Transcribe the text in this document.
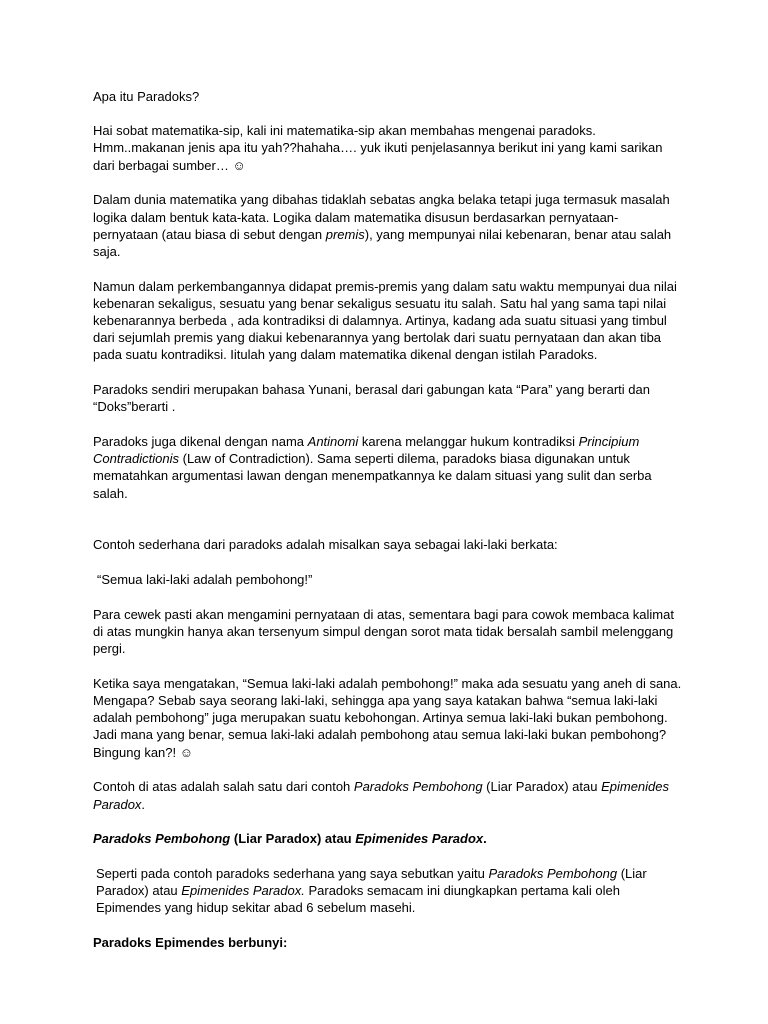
Apa itu Paradoks?

Hai sobat matematika-sip, kali ini matematika-sip akan membahas mengenai paradoks. Hmm..makanan jenis apa itu yah??hahaha…. yuk ikuti penjelasannya berikut ini yang kami sarikan dari berbagai sumber… ☺

Dalam dunia matematika yang dibahas tidaklah sebatas angka belaka tetapi juga termasuk masalah logika dalam bentuk kata-kata. Logika dalam matematika disusun berdasarkan pernyataan-pernyataan (atau biasa di sebut dengan premis), yang mempunyai nilai kebenaran, benar atau salah saja.

Namun dalam perkembangannya didapat premis-premis yang dalam satu waktu mempunyai dua nilai kebenaran sekaligus, sesuatu yang benar sekaligus sesuatu itu salah. Satu hal yang sama tapi nilai kebenarannya berbeda , ada kontradiksi di dalamnya. Artinya, kadang ada suatu situasi yang timbul dari sejumlah premis yang diakui kebenarannya yang bertolak dari suatu pernyataan dan akan tiba pada suatu kontradiksi. Iitulah yang dalam matematika dikenal dengan istilah Paradoks.

Paradoks sendiri merupakan bahasa Yunani, berasal dari gabungan kata “Para” yang berarti dan “Doks”berarti .

Paradoks juga dikenal dengan nama Antinomi karena melanggar hukum kontradiksi Principium Contradictionis (Law of Contradiction). Sama seperti dilema, paradoks biasa digunakan untuk mematahkan argumentasi lawan dengan menempatkannya ke dalam situasi yang sulit dan serba salah.

Contoh sederhana dari paradoks adalah misalkan saya sebagai laki-laki berkata:

“Semua laki-laki adalah pembohong!”

Para cewek pasti akan mengamini pernyataan di atas, sementara bagi para cowok membaca kalimat di atas mungkin hanya akan tersenyum simpul dengan sorot mata tidak bersalah sambil melenggang pergi.

Ketika saya mengatakan, “Semua laki-laki adalah pembohong!” maka ada sesuatu yang aneh di sana. Mengapa? Sebab saya seorang laki-laki, sehingga apa yang saya katakan bahwa “semua laki-laki adalah pembohong” juga merupakan suatu kebohongan. Artinya semua laki-laki bukan pembohong. Jadi mana yang benar, semua laki-laki adalah pembohong atau semua laki-laki bukan pembohong? Bingung kan?! ☺

Contoh di atas adalah salah satu dari contoh Paradoks Pembohong (Liar Paradox) atau Epimenides Paradox.

Paradoks Pembohong (Liar Paradox) atau Epimenides Paradox.

Seperti pada contoh paradoks sederhana yang saya sebutkan yaitu Paradoks Pembohong (Liar Paradox) atau Epimenides Paradox. Paradoks semacam ini diungkapkan pertama kali oleh Epimendes yang hidup sekitar abad 6 sebelum masehi.

Paradoks Epimendes berbunyi:
